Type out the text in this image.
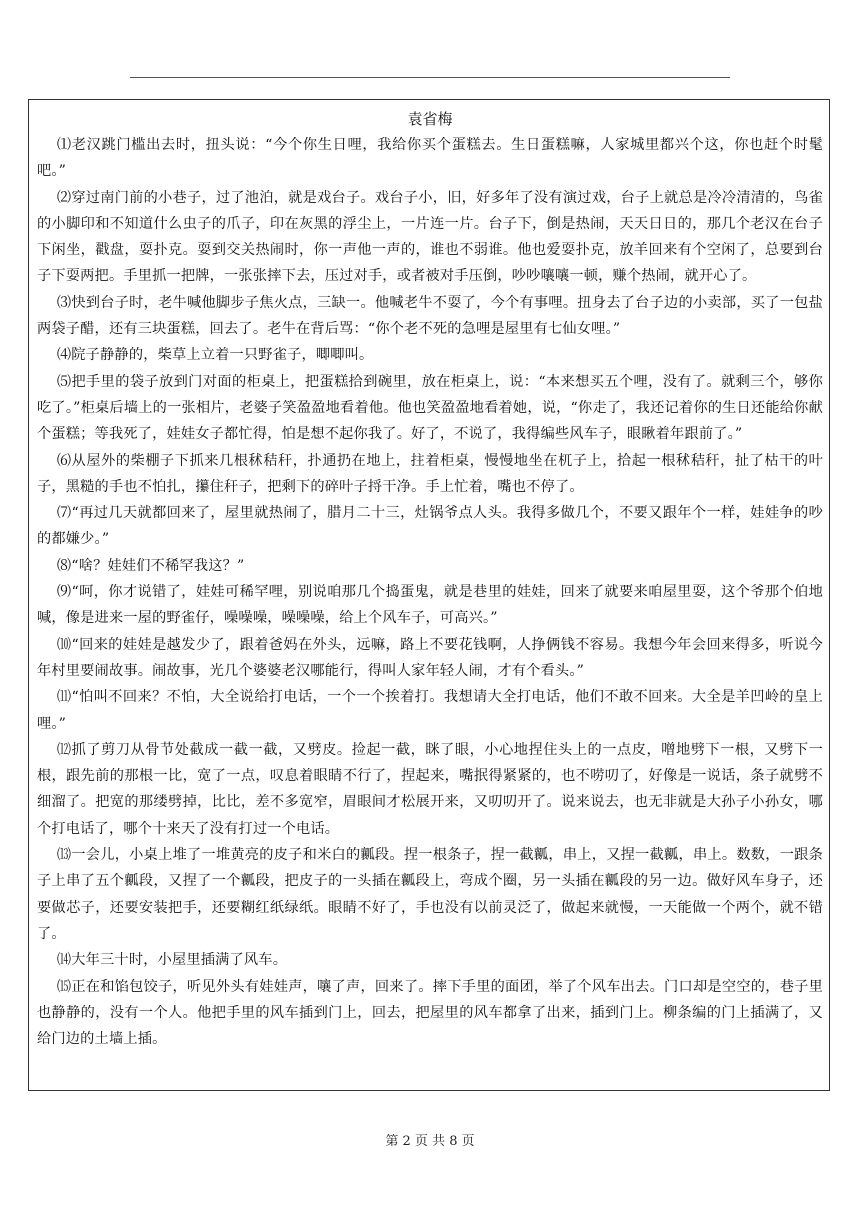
袁省梅

⑴老汉跳门槛出去时，扭头说：“今个你生日哩，我给你买个蛋糕去。生日蛋糕嘛，人家城里都兴个这，你也赶个时髦吧。”

⑵穿过南门前的小巷子，过了池泊，就是戏台子。戏台子小，旧，好多年了没有演过戏，台子上就总是冷冷清清的，鸟雀的小脚印和不知道什么虫子的爪子，印在灰黑的浮尘上，一片连一片。台子下，倒是热闹，天天日日的，那几个老汉在台子下闲坐，戳盘，耍扑克。耍到交关热闹时，你一声他一声的，谁也不弱谁。他也爱耍扑克，放羊回来有个空闲了，总要到台子下耍两把。手里抓一把牌，一张张摔下去，压过对手，或者被对手压倒，吵吵嚷嚷一顿，赚个热闹，就开心了。

⑶快到台子时，老牛喊他脚步子焦火点，三缺一。他喊老牛不耍了，今个有事哩。扭身去了台子边的小卖部，买了一包盐两袋子醋，还有三块蛋糕，回去了。老牛在背后骂：“你个老不死的急哩是屋里有七仙女哩。”

⑷院子静静的，柴草上立着一只野雀子，唧唧叫。

⑸把手里的袋子放到门对面的柜桌上，把蛋糕拾到碗里，放在柜桌上，说：“本来想买五个哩，没有了。就剩三个，够你吃了。”柜桌后墙上的一张相片，老婆子笑盈盈地看着他。他也笑盈盈地看着她，说，“你走了，我还记着你的生日还能给你献个蛋糕；等我死了，娃娃女子都忙得，怕是想不起你我了。好了，不说了，我得编些风车子，眼瞅着年跟前了。”

⑹从屋外的柴棚子下抓来几根秫秸秆，扑通扔在地上，拄着柜桌，慢慢地坐在杌子上，拾起一根秫秸秆，扯了枯干的叶子，黑糙的手也不怕扎，攥住秆子，把剩下的碎叶子捋干净。手上忙着，嘴也不停了。

⑺“再过几天就都回来了，屋里就热闹了，腊月二十三，灶锅爷点人头。我得多做几个，不要又跟年个一样，娃娃争的吵的都嫌少。”

⑻“啥？娃娃们不稀罕我这？”

⑼“呵，你才说错了，娃娃可稀罕哩，别说咱那几个捣蛋鬼，就是巷里的娃娃，回来了就要来咱屋里耍，这个爷那个伯地喊，像是进来一屋的野雀仔，噪噪噪，噪噪噪，给上个风车子，可高兴。”

⑽“回来的娃娃是越发少了，跟着爸妈在外头，远嘛，路上不要花钱啊，人挣俩钱不容易。我想今年会回来得多，听说今年村里要闹故事。闹故事，光几个婆婆老汉哪能行，得叫人家年轻人闹，才有个看头。”

⑾“怕叫不回来？不怕，大全说给打电话，一个一个挨着打。我想请大全打电话，他们不敢不回来。大全是羊凹岭的皇上哩。”

⑿抓了剪刀从骨节处截成一截一截，又劈皮。捡起一截，眯了眼，小心地捏住头上的一点皮，噌地劈下一根，又劈下一根，跟先前的那根一比，宽了一点，叹息着眼睛不行了，捏起来，嘴抿得紧紧的，也不唠叨了，好像是一说话，条子就劈不细溜了。把宽的那缕劈掉，比比，差不多宽窄，眉眼间才松展开来，又叨叨开了。说来说去，也无非就是大孙子小孙女，哪个打电话了，哪个十来天了没有打过一个电话。

⒀一会儿，小桌上堆了一堆黄亮的皮子和米白的瓤段。捏一根条子，捏一截瓤，串上，又捏一截瓤，串上。数数，一跟条子上串了五个瓤段，又捏了一个瓤段，把皮子的一头插在瓤段上，弯成个圈，另一头插在瓤段的另一边。做好风车身子，还要做芯子，还要安装把手，还要糊红纸绿纸。眼睛不好了，手也没有以前灵泛了，做起来就慢，一天能做一个两个，就不错了。

⒁大年三十时，小屋里插满了风车。

⒂正在和馅包饺子，听见外头有娃娃声，嚷了声，回来了。摔下手里的面团，举了个风车出去。门口却是空空的，巷子里也静静的，没有一个人。他把手里的风车插到门上，回去，把屋里的风车都拿了出来，插到门上。柳条编的门上插满了，又给门边的土墙上插。

第 2 页 共 8 页
